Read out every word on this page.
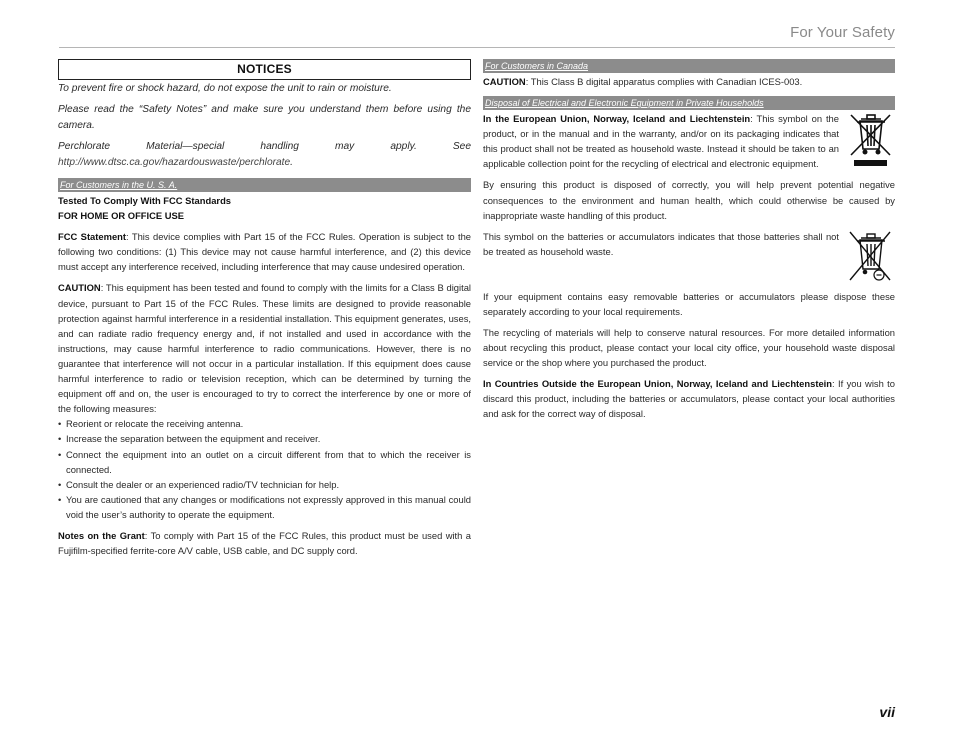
For Your Safety
NOTICES

To prevent fire or shock hazard, do not expose the unit to rain or moisture.

Please read the “Safety Notes” and make sure you understand them before using the camera.

Perchlorate Material—special handling may apply. See http://www.dtsc.ca.gov/hazardouswaste/perchlorate.

For Customers in the U. S. A.

Tested To Comply With FCC Standards

FOR HOME OR OFFICE USE

FCC Statement: This device complies with Part 15 of the FCC Rules. Operation is subject to the following two conditions: (1) This device may not cause harmful interference, and (2) this device must accept any interference received, including interference that may cause undesired operation.

CAUTION: This equipment has been tested and found to comply with the limits for a Class B digital device, pursuant to Part 15 of the FCC Rules. These limits are designed to provide reasonable protection against harmful interference in a residential installation. This equipment generates, uses, and can radiate radio frequency energy and, if not installed and used in accordance with the instructions, may cause harmful interference to radio communications. However, there is no guarantee that interference will not occur in a particular installation. If this equipment does cause harmful interference to radio or television reception, which can be determined by turning the equipment off and on, the user is encouraged to try to correct the interference by one or more of the following measures:

• Reorient or relocate the receiving antenna.
• Increase the separation between the equipment and receiver.
• Connect the equipment into an outlet on a circuit different from that to which the receiver is connected.
• Consult the dealer or an experienced radio/TV technician for help.
• You are cautioned that any changes or modifications not expressly approved in this manual could void the user’s authority to operate the equipment.

Notes on the Grant: To comply with Part 15 of the FCC Rules, this product must be used with a Fujifilm-specified ferrite-core A/V cable, USB cable, and DC supply cord.

For Customers in Canada

CAUTION: This Class B digital apparatus complies with Canadian ICES-003.

Disposal of Electrical and Electronic Equipment in Private Households

In the European Union, Norway, Iceland and Liechtenstein: This symbol on the product, or in the manual and in the warranty, and/or on its packaging indicates that this product shall not be treated as household waste. Instead it should be taken to an applicable collection point for the recycling of electrical and electronic equipment.

By ensuring this product is disposed of correctly, you will help prevent potential negative consequences to the environment and human health, which could otherwise be caused by inappropriate waste handling of this product.

This symbol on the batteries or accumulators indicates that those batteries shall not be treated as household waste.

If your equipment contains easy removable batteries or accumulators please dispose these separately according to your local requirements.

The recycling of materials will help to conserve natural resources. For more detailed information about recycling this product, please contact your local city office, your household waste disposal service or the shop where you purchased the product.

In Countries Outside the European Union, Norway, Iceland and Liechtenstein: If you wish to discard this product, including the batteries or accumulators, please contact your local authorities and ask for the correct way of disposal.

vii
